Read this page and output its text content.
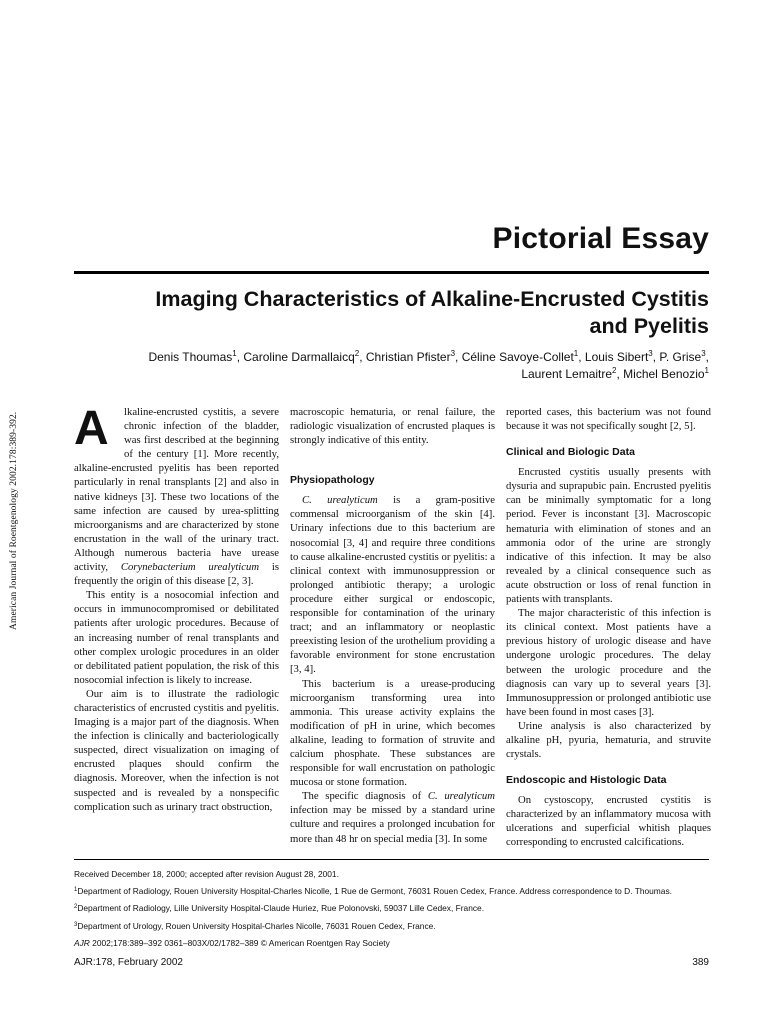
American Journal of Roentgenology 2002.178:389-392.
Pictorial Essay
Imaging Characteristics of Alkaline-Encrusted Cystitis
and Pyelitis
Denis Thoumas$^1$, Caroline Darmallaicq$^2$, Christian Pfister$^3$, Céline Savoye-Collet$^1$, Louis Sibert$^3$, P. Grise$^3$,
Laurent Lemaitre$^2$, Michel Benozio$^1$

A	lkaline-encrusted cystitis, a severe chronic infection of the bladder, was first described at the beginning of the century [1]. More recently, alkaline-encrusted pyelitis has been reported particularly in renal transplants [2] and also in native kidneys [3]. These two locations of the same infection are caused by urea-splitting microorganisms and are characterized by stone encrustation in the wall of the urinary tract. Although numerous bacteria have urease activity, Corynebacterium urealyticum is frequently the origin of this disease [2, 3].

This entity is a nosocomial infection and occurs in immunocompromised or debilitated patients after urologic procedures. Because of an increasing number of renal transplants and other complex urologic procedures in an older or debilitated patient population, the risk of this nosocomial infection is likely to increase.

Our aim is to illustrate the radiologic characteristics of encrusted cystitis and pyelitis. Imaging is a major part of the diagnosis. When the infection is clinically and bacteriologically suspected, direct visualization on imaging of encrusted plaques should confirm the diagnosis. Moreover, when the infection is not suspected and is revealed by a nonspecific complication such as urinary tract obstruction,

macroscopic hematuria, or renal failure, the radiologic visualization of encrusted plaques is strongly indicative of this entity.

Physiopathology

C. urealyticum is a gram-positive commensal microorganism of the skin [4]. Urinary infections due to this bacterium are nosocomial [3, 4] and require three conditions to cause alkaline-encrusted cystitis or pyelitis: a clinical context with immunosuppression or prolonged antibiotic therapy; a urologic procedure either surgical or endoscopic, responsible for contamination of the urinary tract; and an inflammatory or neoplastic preexisting lesion of the urothelium providing a favorable environment for stone encrustation [3, 4].

This bacterium is a urease-producing microorganism transforming urea into ammonia. This urease activity explains the modification of pH in urine, which becomes alkaline, leading to formation of struvite and calcium phosphate. These substances are responsible for wall encrustation on pathologic mucosa or stone formation.

The specific diagnosis of C. urealyticum infection may be missed by a standard urine culture and requires a prolonged incubation for more than 48 hr on special media [3]. In some

reported cases, this bacterium was not found because it was not specifically sought [2, 5].

Clinical and Biologic Data

Encrusted cystitis usually presents with dysuria and suprapubic pain. Encrusted pyelitis can be minimally symptomatic for a long period. Fever is inconstant [3]. Macroscopic hematuria with elimination of stones and an ammonia odor of the urine are strongly indicative of this infection. It may be also revealed by a clinical consequence such as acute obstruction or loss of renal function in patients with transplants.

The major characteristic of this infection is its clinical context. Most patients have a previous history of urologic disease and have undergone urologic procedures. The delay between the urologic procedure and the diagnosis can vary up to several years [3]. Immunosuppression or prolonged antibiotic use have been found in most cases [3].

Urine analysis is also characterized by alkaline pH, pyuria, hematuria, and struvite crystals.

Endoscopic and Histologic Data

On cystoscopy, encrusted cystitis is characterized by an inflammatory mucosa with ulcerations and superficial whitish plaques corresponding to encrusted calcifications.

Received December 18, 2000; accepted after revision August 28, 2001.
$^1$Department of Radiology, Rouen University Hospital-Charles Nicolle, 1 Rue de Germont, 76031 Rouen Cedex, France. Address correspondence to D. Thoumas.
$^2$Department of Radiology, Lille University Hospital-Claude Huriez, Rue Polonovski, 59037 Lille Cedex, France.
$^3$Department of Urology, Rouen University Hospital-Charles Nicolle, 76031 Rouen Cedex, France.
AJR 2002;178:389–392 0361–803X/02/1782–389 © American Roentgen Ray Society
AJR:178, February 2002	389
